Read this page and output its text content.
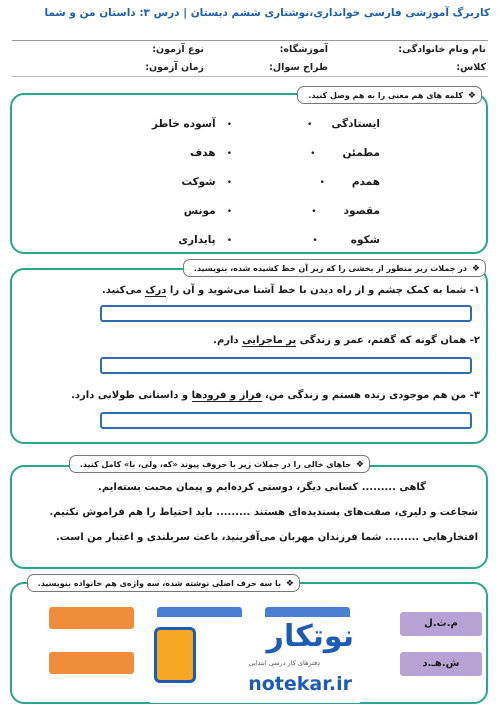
کاربرگ آموزشی فارسی خوانداری،نوشتاری ششم دبستان | درس ۳: داستان من و شما
نام ونام خانوادگی:
آموزشگاه:
نوع آزمون:
کلاس:
طراح سوال:
زمان آزمون:
❖
کلمه های هم معنی را به هم وصل کنید.
ایستادگی •
مطمئن •
همدم •
مقصود •
شکوه •
• آسوده خاطر
• هدف
• شوکت
• مونس
• پایداری
❖
در جملات زیر منظور از بخشی را که زیر آن خط کشیده شده، بنویسید.
۱- شما به کمک چشم و از راه دیدن با خط آشنا می‌شوید و آن را درک می‌کنید.
۲- همان گونه که گفتم، عمر و زندگی پر ماجرایی دارم.
۳- من هم موجودی زنده هستم و زندگی من، فراز و فرودها و داستانی طولانی دارد.
❖
جاهای خالی را در جملات زیر با حروف پیوند «که، ولی، با» کامل کنید.
گاهی ......... کسانی دیگر، دوستی کرده‌ایم و پیمان محبت بسته‌ایم.
شجاعت و دلیری، صفت‌های پسندیده‌ای هستند ......... باید احتیاط را هم فراموش نکنیم.
افتخارهایی ......... شما فرزندان مهربان می‌آفرینید، باعث سربلندی و اعتبار من است.
❖
با سه حرف اصلی نوشته شده، سه واژه‌ی هم خانواده بنویسید.
م.ث.ل
ش.هـ.د
نوتکار
دفترهای کار درسی ابتدایی
notekar.ir
